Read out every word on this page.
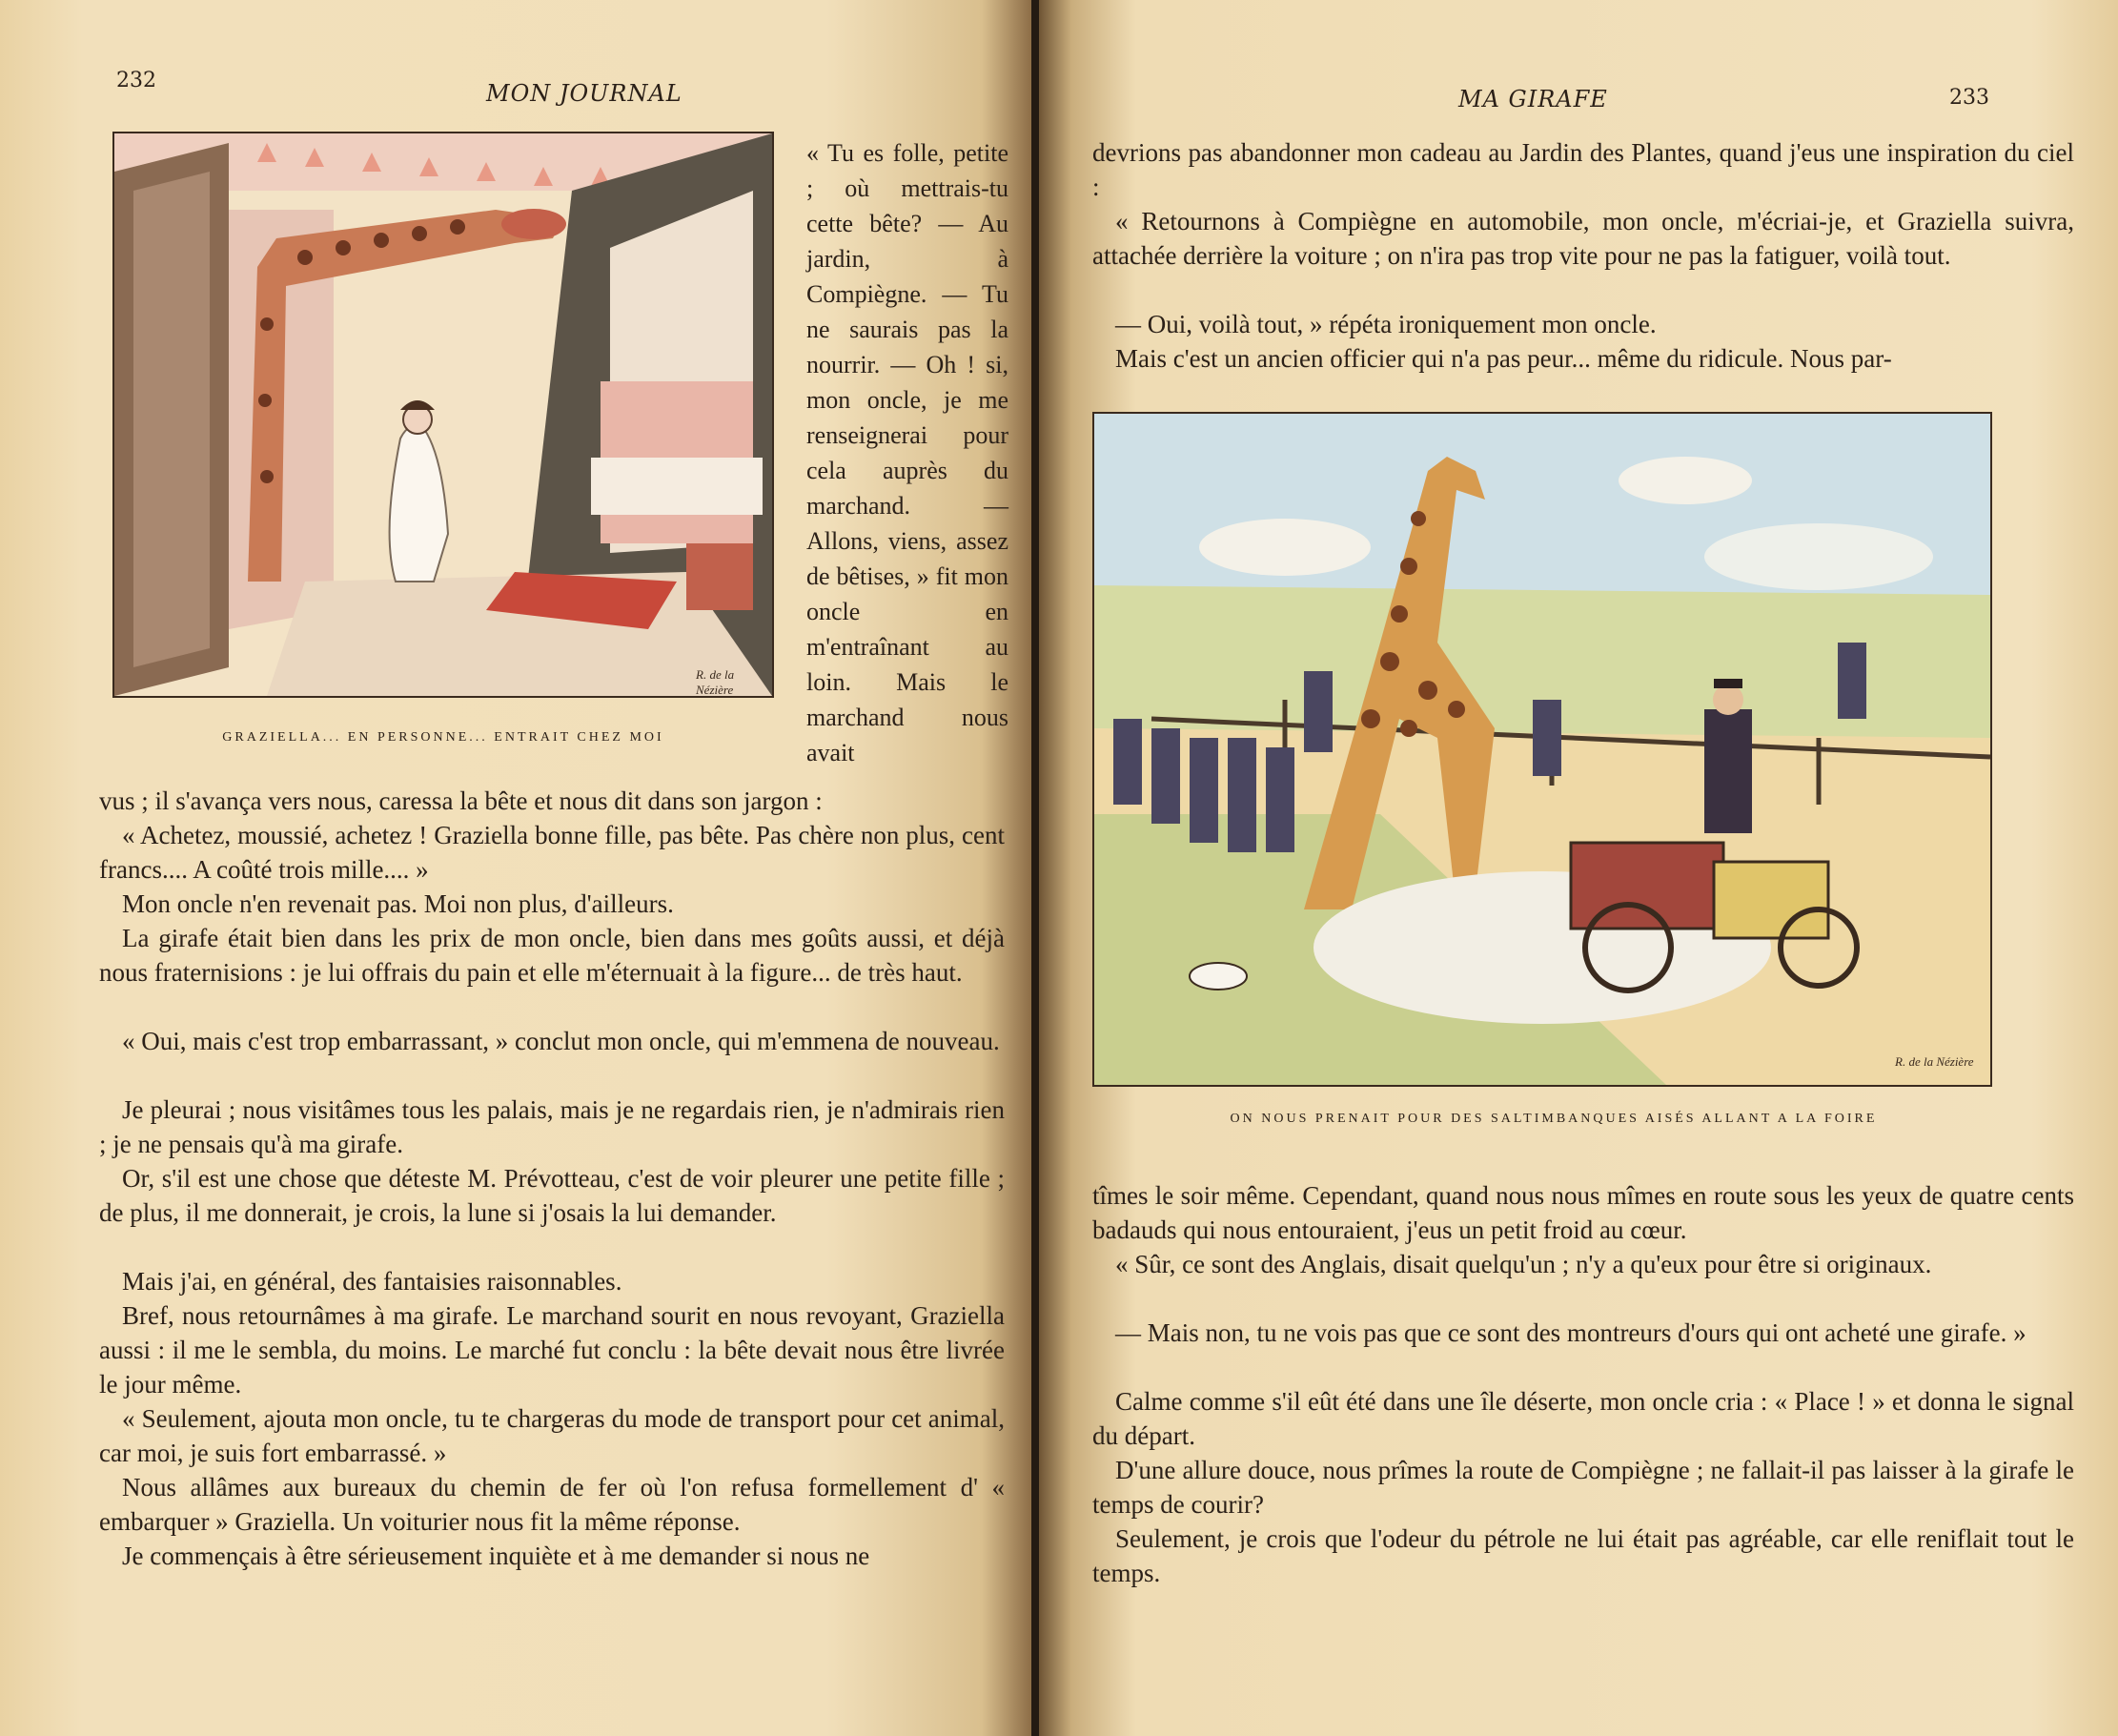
232	MON JOURNAL
R. de la Nézière
GRAZIELLA... EN PERSONNE... ENTRAIT CHEZ MOI

« Tu es folle, petite ; où mettrais-tu cette bête? — Au jardin, à Compiègne. — Tu ne saurais pas la nourrir. — Oh ! si, mon oncle, je me renseignerai pour cela auprès du marchand. — Allons, viens, assez de bêtises, » fit mon oncle en m'entraînant au loin. Mais le marchand nous avait

vus ; il s'avança vers nous, caressa la bête et nous dit dans son jargon :

« Achetez, moussié, achetez ! Graziella bonne fille, pas bête. Pas chère non plus, cent francs.... A coûté trois mille.... »

Mon oncle n'en revenait pas. Moi non plus, d'ailleurs.

La girafe était bien dans les prix de mon oncle, bien dans mes goûts aussi, et déjà nous fraternisions : je lui offrais du pain et elle m'éternuait à la figure... de très haut.

« Oui, mais c'est trop embarrassant, » conclut mon oncle, qui m'emmena de nouveau.

Je pleurai ; nous visitâmes tous les palais, mais je ne regardais rien, je n'admirais rien ; je ne pensais qu'à ma girafe.

Or, s'il est une chose que déteste M. Prévotteau, c'est de voir pleurer une petite fille ; de plus, il me donnerait, je crois, la lune si j'osais la lui demander.

Mais j'ai, en général, des fantaisies raisonnables.

Bref, nous retournâmes à ma girafe. Le marchand sourit en nous revoyant, Graziella aussi : il me le sembla, du moins. Le marché fut conclu : la bête devait nous être livrée le jour même.

« Seulement, ajouta mon oncle, tu te chargeras du mode de transport pour cet animal, car moi, je suis fort embarrassé. »

Nous allâmes aux bureaux du chemin de fer où l'on refusa formellement d' « embarquer » Graziella. Un voiturier nous fit la même réponse.

Je commençais à être sérieusement inquiète et à me demander si nous ne

MA GIRAFE	233

devrions pas abandonner mon cadeau au Jardin des Plantes, quand j'eus une inspiration du ciel :

« Retournons à Compiègne en automobile, mon oncle, m'écriai-je, et Graziella suivra, attachée derrière la voiture ; on n'ira pas trop vite pour ne pas la fatiguer, voilà tout.

— Oui, voilà tout, » répéta ironiquement mon oncle.

Mais c'est un ancien officier qui n'a pas peur... même du ridicule. Nous par-

R. de la Nézière
ON NOUS PRENAIT POUR DES SALTIMBANQUES AISÉS ALLANT A LA FOIRE

tîmes le soir même. Cependant, quand nous nous mîmes en route sous les yeux de quatre cents badauds qui nous entouraient, j'eus un petit froid au cœur.

« Sûr, ce sont des Anglais, disait quelqu'un ; n'y a qu'eux pour être si originaux.

— Mais non, tu ne vois pas que ce sont des montreurs d'ours qui ont acheté une girafe. »

Calme comme s'il eût été dans une île déserte, mon oncle cria : « Place ! » et donna le signal du départ.

D'une allure douce, nous prîmes la route de Compiègne ; ne fallait-il pas laisser à la girafe le temps de courir?

Seulement, je crois que l'odeur du pétrole ne lui était pas agréable, car elle reniflait tout le temps.
